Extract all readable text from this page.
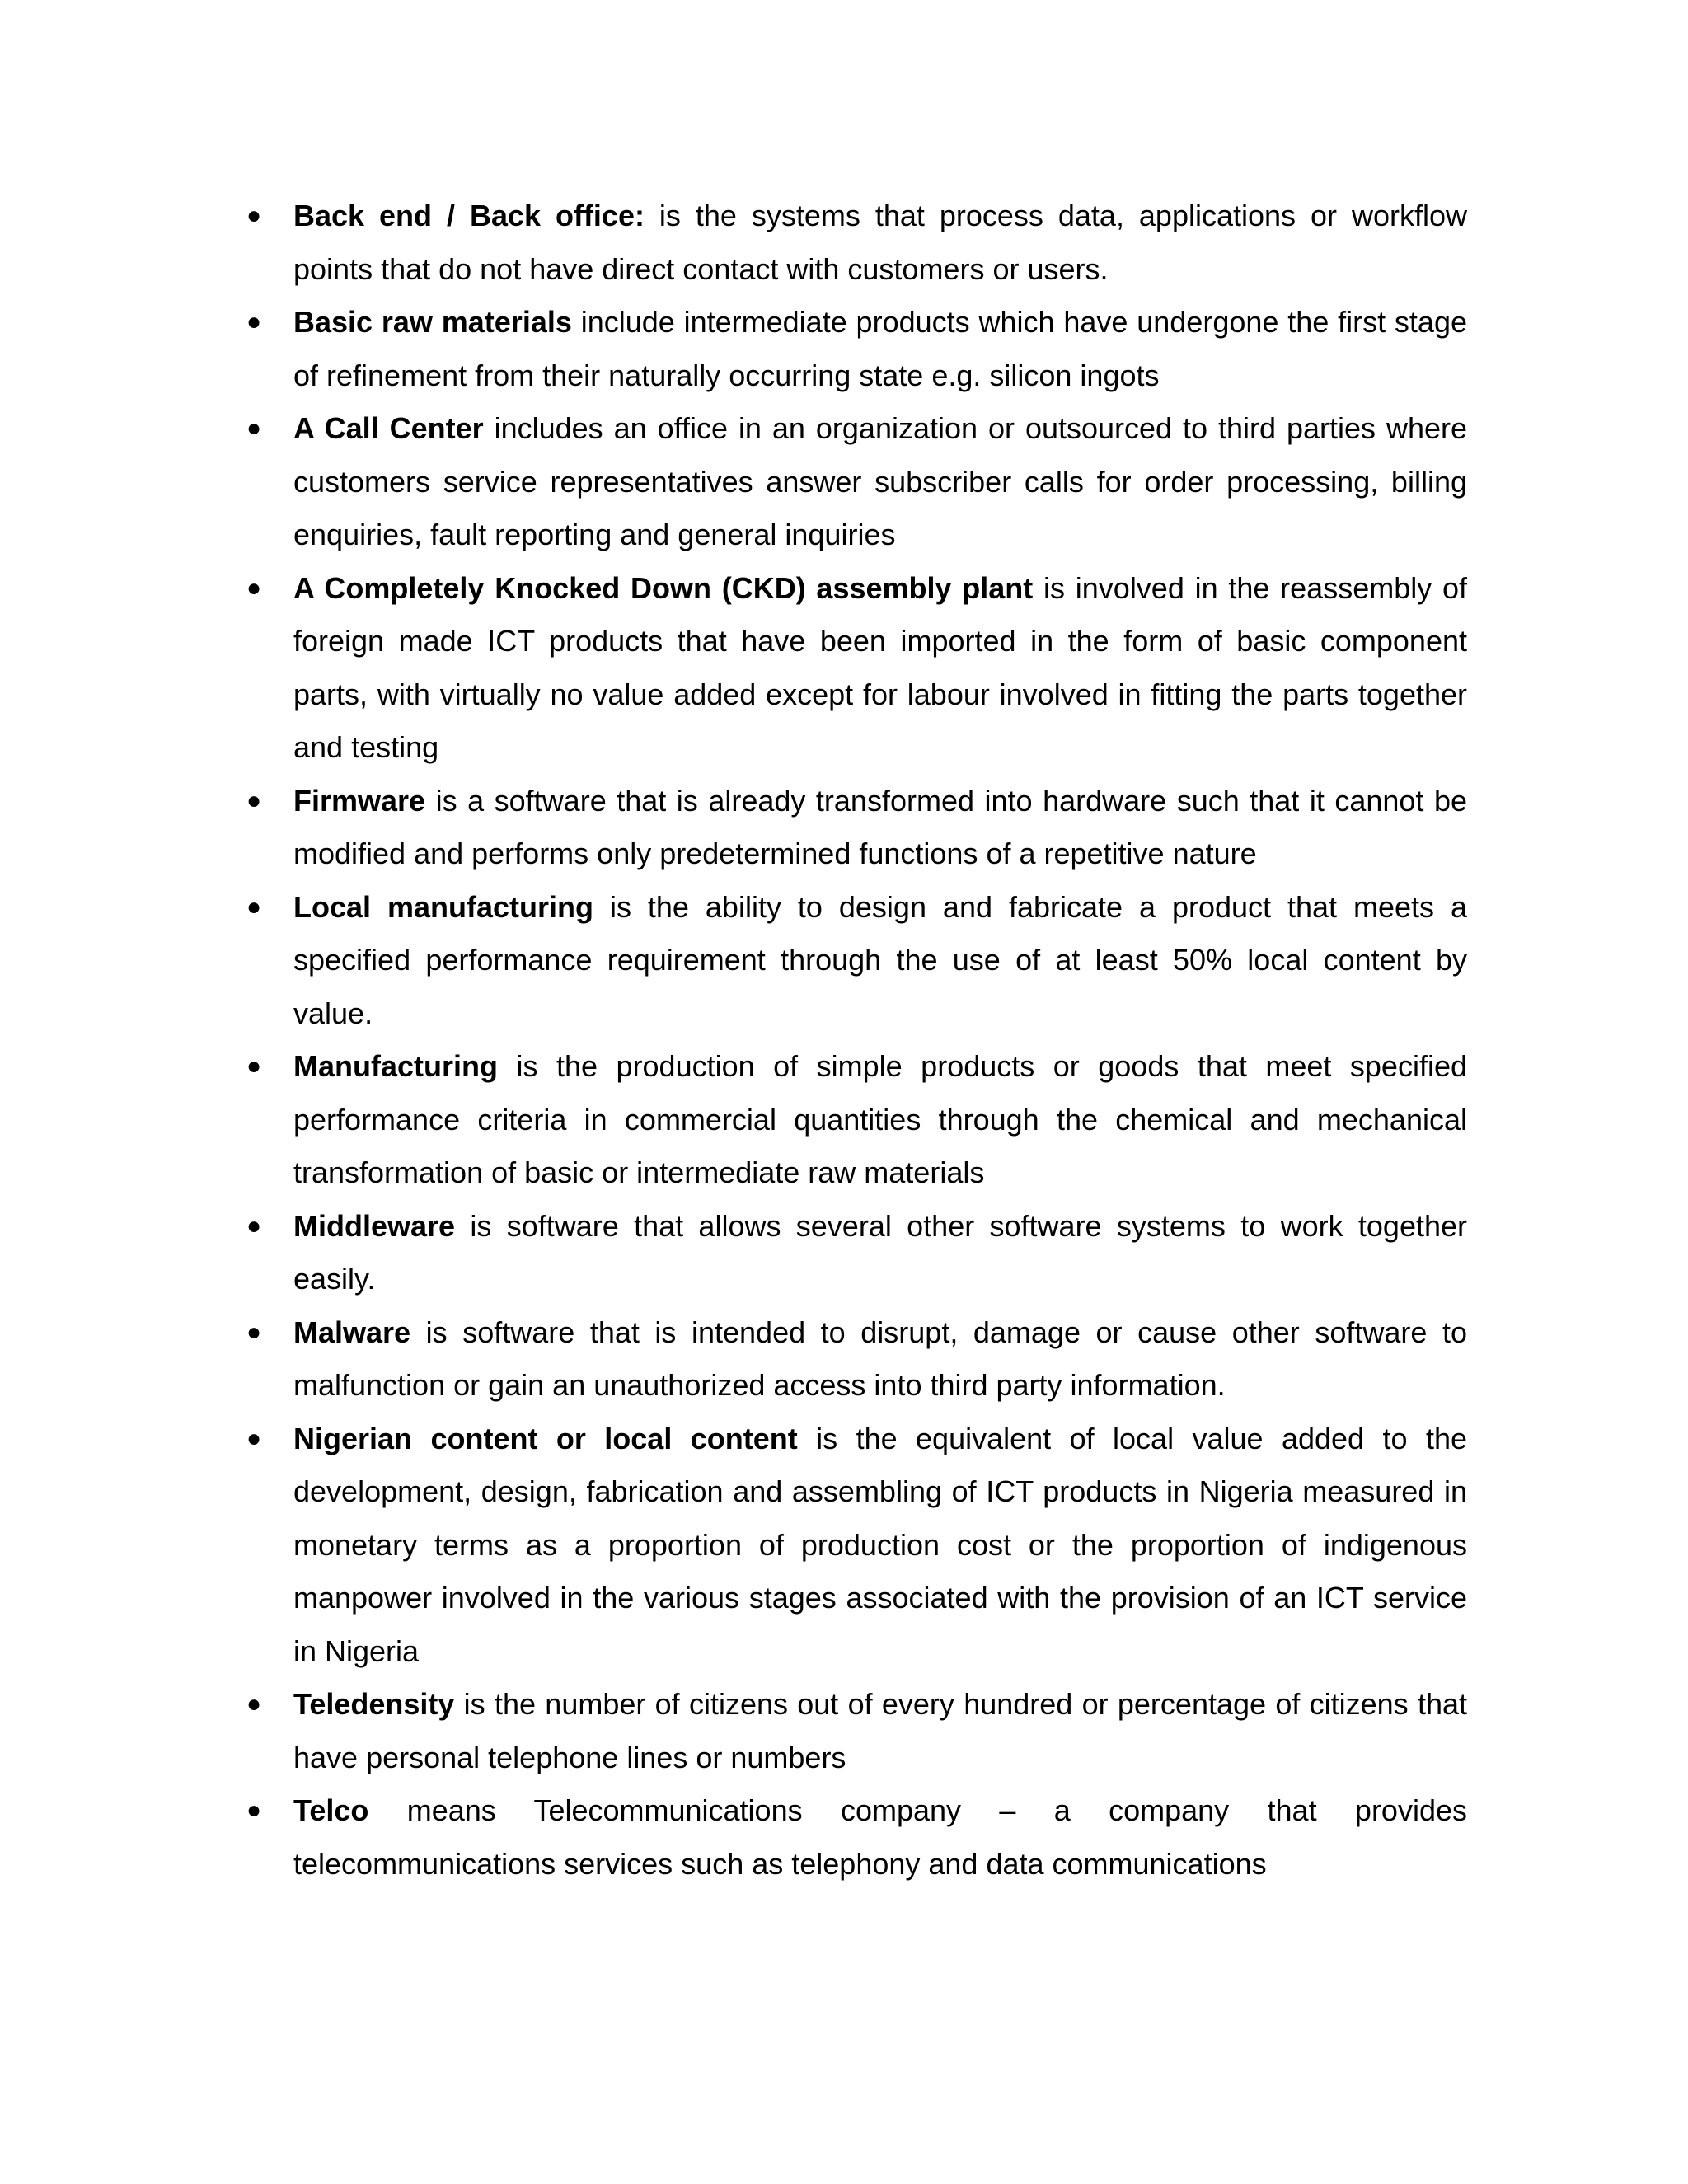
● Back end / Back office: is the systems that process data, applications or workflow points that do not have direct contact with customers or users.
● Basic raw materials include intermediate products which have undergone the first stage of refinement from their naturally occurring state e.g. silicon ingots
● A Call Center includes an office in an organization or outsourced to third parties where customers service representatives answer subscriber calls for order processing, billing enquiries, fault reporting and general inquiries
● A Completely Knocked Down (CKD) assembly plant is involved in the reassembly of foreign made ICT products that have been imported in the form of basic component parts, with virtually no value added except for labour involved in fitting the parts together and testing
● Firmware is a software that is already transformed into hardware such that it cannot be modified and performs only predetermined functions of a repetitive nature
● Local manufacturing is the ability to design and fabricate a product that meets a specified performance requirement through the use of at least 50% local content by value.
● Manufacturing is the production of simple products or goods that meet specified performance criteria in commercial quantities through the chemical and mechanical transformation of basic or intermediate raw materials
● Middleware is software that allows several other software systems to work together easily.
● Malware is software that is intended to disrupt, damage or cause other software to malfunction or gain an unauthorized access into third party information.
● Nigerian content or local content is the equivalent of local value added to the development, design, fabrication and assembling of ICT products in Nigeria measured in monetary terms as a proportion of production cost or the proportion of indigenous manpower involved in the various stages associated with the provision of an ICT service in Nigeria
● Teledensity is the number of citizens out of every hundred or percentage of citizens that have personal telephone lines or numbers
● Telco means Telecommunications company – a company that provides telecommunications services such as telephony and data communications
